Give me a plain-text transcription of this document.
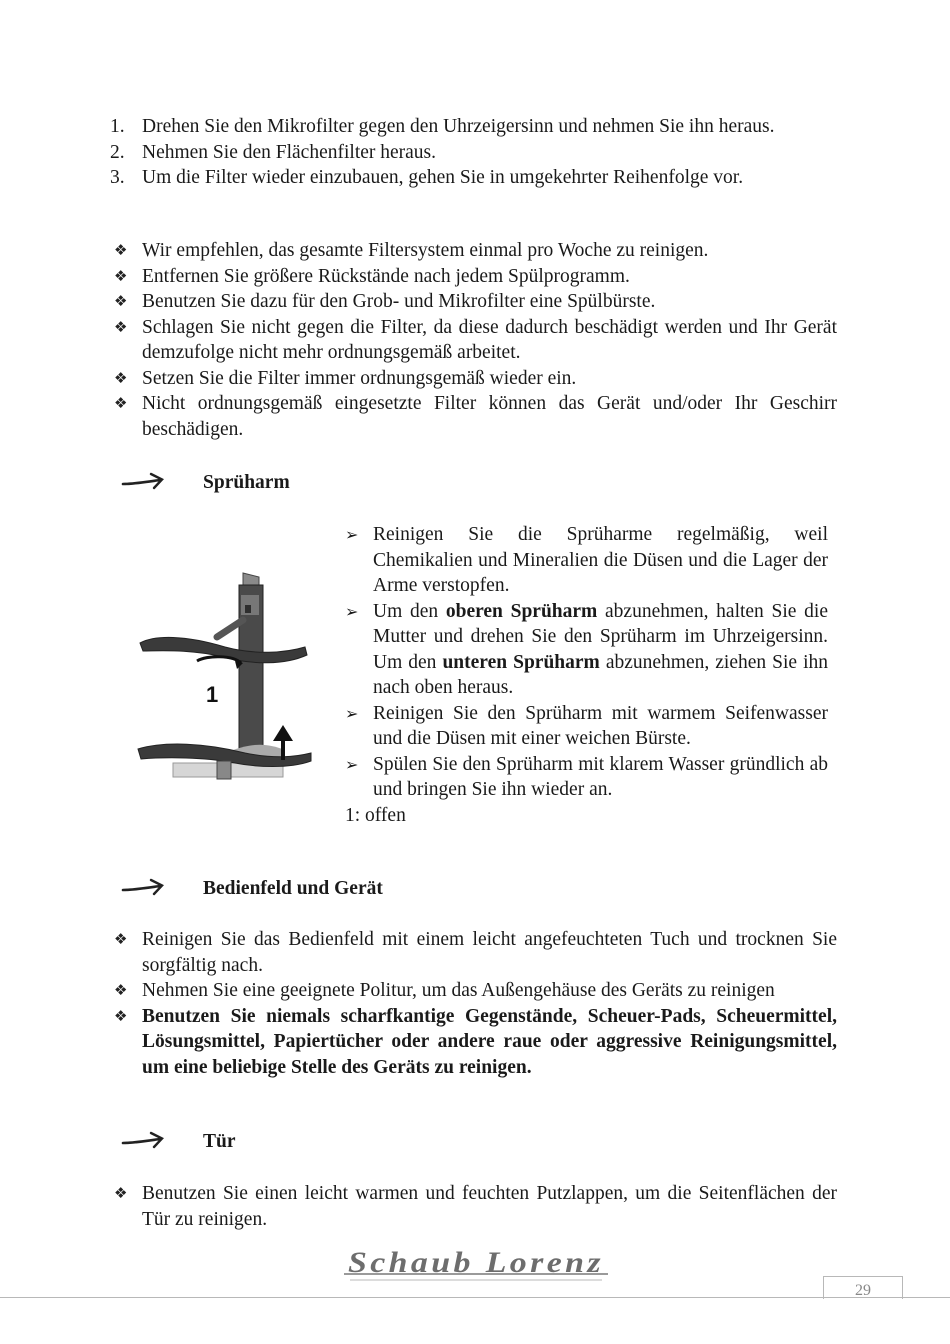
1. Drehen Sie den Mikrofilter gegen den Uhrzeigersinn und nehmen Sie ihn heraus.
2. Nehmen Sie den Flächenfilter heraus.
3. Um die Filter wieder einzubauen, gehen Sie in umgekehrter Reihenfolge vor.
❖ Wir empfehlen, das gesamte Filtersystem einmal pro Woche zu reinigen.
❖ Entfernen Sie größere Rückstände nach jedem Spülprogramm.
❖ Benutzen Sie dazu für den Grob- und Mikrofilter eine Spülbürste.
❖ Schlagen Sie nicht gegen die Filter, da diese dadurch beschädigt werden und Ihr Gerät demzufolge nicht mehr ordnungsgemäß arbeitet.
❖ Setzen Sie die Filter immer ordnungsgemäß wieder ein.
❖ Nicht ordnungsgemäß eingesetzte Filter können das Gerät und/oder Ihr Geschirr beschädigen.
Sprüharm
1
➢ Reinigen Sie die Sprüharme regelmäßig, weil Chemikalien und Mineralien die Düsen und die Lager der Arme verstopfen.
➢ Um den oberen Sprüharm abzunehmen, halten Sie die Mutter und drehen Sie den Sprüharm im Uhrzeigersinn. Um den unteren Sprüharm abzunehmen, ziehen Sie ihn nach oben heraus.
➢ Reinigen Sie den Sprüharm mit warmem Seifenwasser und die Düsen mit einer weichen Bürste.
➢ Spülen Sie den Sprüharm mit klarem Wasser gründlich ab und bringen Sie ihn wieder an.
1: offen
Bedienfeld und Gerät
❖ Reinigen Sie das Bedienfeld mit einem leicht angefeuchteten Tuch und trocknen Sie sorgfältig nach.
❖ Nehmen Sie eine geeignete Politur, um das Außengehäuse des Geräts zu reinigen
❖ Benutzen Sie niemals scharfkantige Gegenstände, Scheuer-Pads, Scheuermittel, Lösungsmittel, Papiertücher oder andere raue oder aggressive Reinigungsmittel, um eine beliebige Stelle des Geräts zu reinigen.
Tür
❖ Benutzen Sie einen leicht warmen und feuchten Putzlappen, um die Seitenflächen der Tür zu reinigen.
Schaub Lorenz
29
